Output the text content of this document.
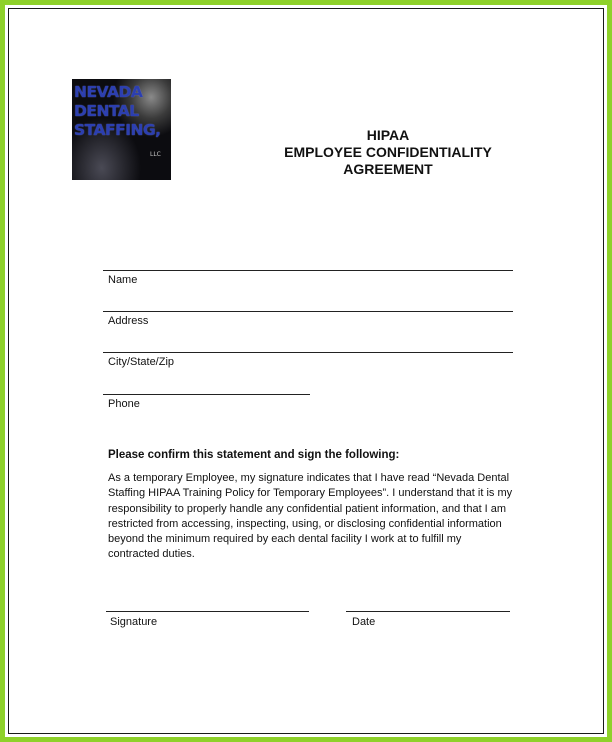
NEVADA
DENTAL
STAFFING,
LLC
HIPAA
EMPLOYEE CONFIDENTIALITY
AGREEMENT
Name
Address
City/State/Zip
Phone
Please confirm this statement and sign the following:
As a temporary Employee, my signature indicates that I have read “Nevada Dental
Staffing HIPAA Training Policy for Temporary Employees”. I understand that it is my
responsibility to properly handle any confidential patient information, and that I am
restricted from accessing, inspecting, using, or disclosing confidential information
beyond the minimum required by each dental facility I work at to fulfill my
contracted duties.
Signature	Date
